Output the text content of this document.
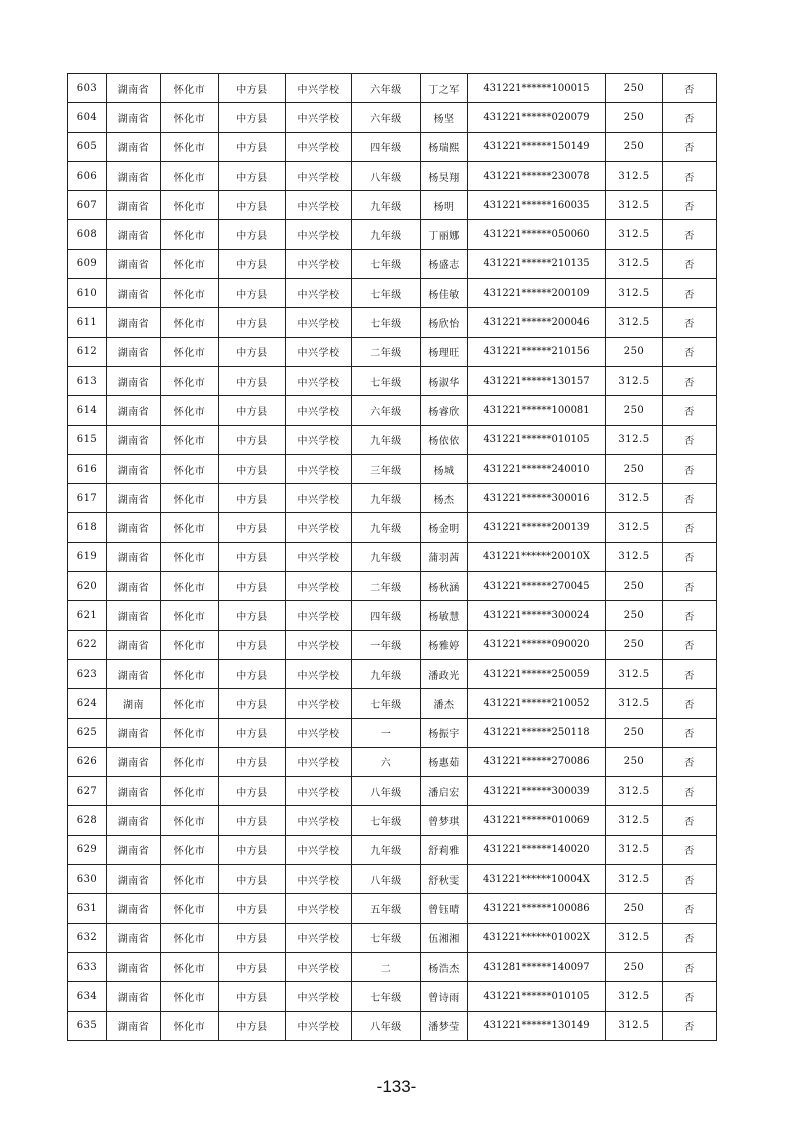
603	湖南省	怀化市	中方县	中兴学校	六年级	丁之军	431221******100015	250	否
604	湖南省	怀化市	中方县	中兴学校	六年级	杨坚	431221******020079	250	否
605	湖南省	怀化市	中方县	中兴学校	四年级	杨瑞熙	431221******150149	250	否
606	湖南省	怀化市	中方县	中兴学校	八年级	杨昊翔	431221******230078	312.5	否
607	湖南省	怀化市	中方县	中兴学校	九年级	杨明	431221******160035	312.5	否
608	湖南省	怀化市	中方县	中兴学校	九年级	丁丽娜	431221******050060	312.5	否
609	湖南省	怀化市	中方县	中兴学校	七年级	杨盛志	431221******210135	312.5	否
610	湖南省	怀化市	中方县	中兴学校	七年级	杨佳敏	431221******200109	312.5	否
611	湖南省	怀化市	中方县	中兴学校	七年级	杨欣怡	431221******200046	312.5	否
612	湖南省	怀化市	中方县	中兴学校	二年级	杨理旺	431221******210156	250	否
613	湖南省	怀化市	中方县	中兴学校	七年级	杨淑华	431221******130157	312.5	否
614	湖南省	怀化市	中方县	中兴学校	六年级	杨睿欣	431221******100081	250	否
615	湖南省	怀化市	中方县	中兴学校	九年级	杨依依	431221******010105	312.5	否
616	湖南省	怀化市	中方县	中兴学校	三年级	杨城	431221******240010	250	否
617	湖南省	怀化市	中方县	中兴学校	九年级	杨杰	431221******300016	312.5	否
618	湖南省	怀化市	中方县	中兴学校	九年级	杨金明	431221******200139	312.5	否
619	湖南省	怀化市	中方县	中兴学校	九年级	蒲羽茜	431221******20010X	312.5	否
620	湖南省	怀化市	中方县	中兴学校	二年级	杨秋涵	431221******270045	250	否
621	湖南省	怀化市	中方县	中兴学校	四年级	杨敏慧	431221******300024	250	否
622	湖南省	怀化市	中方县	中兴学校	一年级	杨雅婷	431221******090020	250	否
623	湖南省	怀化市	中方县	中兴学校	九年级	潘政光	431221******250059	312.5	否
624	湖南	怀化市	中方县	中兴学校	七年级	潘杰	431221******210052	312.5	否
625	湖南省	怀化市	中方县	中兴学校	一	杨振宇	431221******250118	250	否
626	湖南省	怀化市	中方县	中兴学校	六	杨惠茹	431221******270086	250	否
627	湖南省	怀化市	中方县	中兴学校	八年级	潘启宏	431221******300039	312.5	否
628	湖南省	怀化市	中方县	中兴学校	七年级	曾梦琪	431221******010069	312.5	否
629	湖南省	怀化市	中方县	中兴学校	九年级	舒莉雅	431221******140020	312.5	否
630	湖南省	怀化市	中方县	中兴学校	八年级	舒秋雯	431221******10004X	312.5	否
631	湖南省	怀化市	中方县	中兴学校	五年级	曾钰晴	431221******100086	250	否
632	湖南省	怀化市	中方县	中兴学校	七年级	伍湘湘	431221******01002X	312.5	否
633	湖南省	怀化市	中方县	中兴学校	二	杨浩杰	431281******140097	250	否
634	湖南省	怀化市	中方县	中兴学校	七年级	曾诗雨	431221******010105	312.5	否
635	湖南省	怀化市	中方县	中兴学校	八年级	潘梦莹	431221******130149	312.5	否
-133-
